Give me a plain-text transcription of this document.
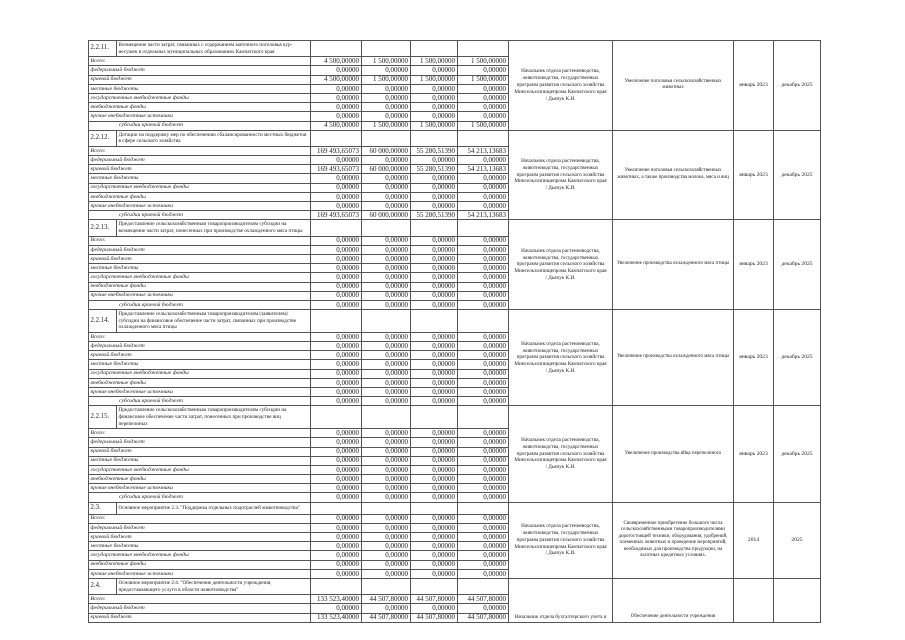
2.2.11.	Возмещение части затрат, связанных с содержанием маточного поголовья кур-несушек в отдельных муниципальных образованиях Камчатского края					Начальник отдела растениеводства, животноводства, государственных программ развития сельского хозяйства Минсельхозпищепрома Камчатского края / Дьячук К.И.	Увеличение поголовья сельскохозяйственных животных	январь 2023	декабрь 2025
Всего:		4 500,00000	1 500,00000	1 500,00000	1 500,00000				
федеральный бюджет		0,00000	0,00000	0,00000	0,00000				
краевой бюджет		4 500,00000	1 500,00000	1 500,00000	1 500,00000				
местные бюджеты		0,00000	0,00000	0,00000	0,00000				
государственные внебюджетные фонды		0,00000	0,00000	0,00000	0,00000				
внебюджетные фонды		0,00000	0,00000	0,00000	0,00000				
прочие внебюджетные источники		0,00000	0,00000	0,00000	0,00000				
субсидии краевой бюджет		4 500,00000	1 500,00000	1 500,00000	1 500,00000				
2.2.12.	Дотации на поддержку мер по обеспечению сбалансированности местных бюджетов в сфере сельского хозяйства					Начальник отдела растениеводства, животноводства, государственных программ развития сельского хозяйства Минсельхозпищепрома Камчатского края / Дьячук К.И.	Увеличение поголовья сельскохозяйственных животных, а также производства молока, мяса и яиц	январь 2023	декабрь 2025
Всего:		169 493,65073	60 000,00000	55 280,51390	54 213,13683				
федеральный бюджет		0,00000	0,00000	0,00000	0,00000				
краевой бюджет		169 493,65073	60 000,00000	55 280,51390	54 213,13683				
местные бюджеты		0,00000	0,00000	0,00000	0,00000				
государственные внебюджетные фонды		0,00000	0,00000	0,00000	0,00000				
внебюджетные фонды		0,00000	0,00000	0,00000	0,00000				
прочие внебюджетные источники		0,00000	0,00000	0,00000	0,00000				
субсидии краевой бюджет		169 493,65073	60 000,00000	55 280,51390	54 213,13683				
2.2.13.	Предоставление сельскохозяйственным товаропроизводителям субсидии на возмещение части затрат, понесенных при производстве охлажденного мяса птицы					Начальник отдела растениеводства, животноводства, государственных программ развития сельского хозяйства Минсельхозпищепрома Камчатского края / Дьячук К.И.	Увеличение производства охлажденного мяса птицы	январь 2023	декабрь 2025
Всего:		0,00000	0,00000	0,00000	0,00000				
федеральный бюджет		0,00000	0,00000	0,00000	0,00000				
краевой бюджет		0,00000	0,00000	0,00000	0,00000				
местные бюджеты		0,00000	0,00000	0,00000	0,00000				
государственные внебюджетные фонды		0,00000	0,00000	0,00000	0,00000				
внебюджетные фонды		0,00000	0,00000	0,00000	0,00000				
прочие внебюджетные источники		0,00000	0,00000	0,00000	0,00000				
субсидии краевой бюджет		0,00000	0,00000	0,00000	0,00000				
2.2.14.	Предоставление сельскохозяйственным товаропроизводителям (заявителям) субсидии на финансовое обеспечение части затрат, связанных при производстве охлажденного мяса птицы					Начальник отдела растениеводства, животноводства, государственных программ развития сельского хозяйства Минсельхозпищепрома Камчатского края / Дьячук К.И.	Увеличение производства охлажденного мяса птицы	январь 2023	декабрь 2025
Всего:		0,00000	0,00000	0,00000	0,00000				
федеральный бюджет		0,00000	0,00000	0,00000	0,00000				
краевой бюджет		0,00000	0,00000	0,00000	0,00000				
местные бюджеты		0,00000	0,00000	0,00000	0,00000				
государственные внебюджетные фонды		0,00000	0,00000	0,00000	0,00000				
внебюджетные фонды		0,00000	0,00000	0,00000	0,00000				
прочие внебюджетные источники		0,00000	0,00000	0,00000	0,00000				
субсидии краевой бюджет		0,00000	0,00000	0,00000	0,00000				
2.2.15.	Предоставление сельскохозяйственным товаропроизводителям субсидии на финансовое обеспечение части затрат, понесенных при производстве яиц перепелиных					Начальник отдела растениеводства, животноводства, государственных программ развития сельского хозяйства Минсельхозпищепрома Камчатского края / Дьячук К.И.	Увеличение производства яйца перепелиного	январь 2023	декабрь 2025
Всего:		0,00000	0,00000	0,00000	0,00000				
федеральный бюджет		0,00000	0,00000	0,00000	0,00000				
краевой бюджет		0,00000	0,00000	0,00000	0,00000				
местные бюджеты		0,00000	0,00000	0,00000	0,00000				
государственные внебюджетные фонды		0,00000	0,00000	0,00000	0,00000				
внебюджетные фонды		0,00000	0,00000	0,00000	0,00000				
прочие внебюджетные источники		0,00000	0,00000	0,00000	0,00000				
субсидии краевой бюджет		0,00000	0,00000	0,00000	0,00000				
2.3.	Основное мероприятие 2.3. "Поддержка отдельных подотраслей животноводства"					Начальник отдела растениеводства, животноводства, государственных программ развития сельского хозяйства Минсельхозпищепрома Камчатского края / Дьячук К.И.	Своевременное приобретение большого числа сельскохозяйственными товаропроизводителями дорогостоящей техники, оборудования, удобрений, племенных животных и проведение мероприятий, необходимых для производства продукции, на льготных кредитных условиях.	2014	2025
Всего:		0,00000	0,00000	0,00000	0,00000				
федеральный бюджет		0,00000	0,00000	0,00000	0,00000				
краевой бюджет		0,00000	0,00000	0,00000	0,00000				
местные бюджеты		0,00000	0,00000	0,00000	0,00000				
государственные внебюджетные фонды		0,00000	0,00000	0,00000	0,00000				
внебюджетные фонды		0,00000	0,00000	0,00000	0,00000				
прочие внебюджетные источники		0,00000	0,00000	0,00000	0,00000				
2.4.	Основное мероприятие 2.4. "Обеспечение деятельности учреждения, предоставляющего услуги в области животноводства"					Начальник отдела бухгалтерского учета и	Обеспечение деятельности учреждения		
Всего:		133 523,40000	44 507,80000	44 507,80000	44 507,80000				
федеральный бюджет		0,00000	0,00000	0,00000	0,00000				
краевой бюджет		133 523,40000	44 507,80000	44 507,80000	44 507,80000				
